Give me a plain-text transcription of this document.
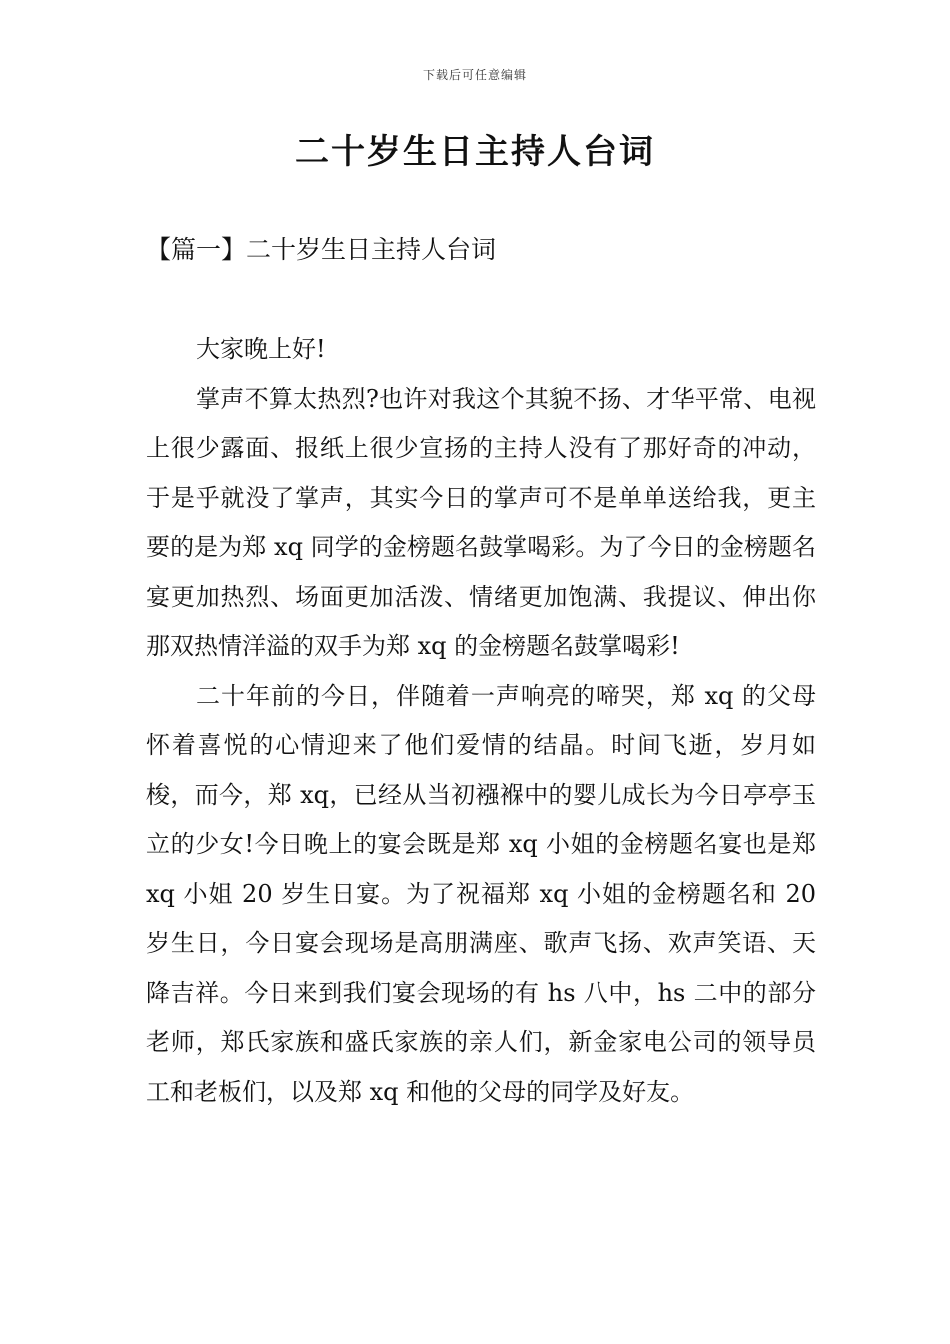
下载后可任意编辑
二十岁生日主持人台词
【篇一】二十岁生日主持人台词

大家晚上好!

掌声不算太热烈?也许对我这个其貌不扬、才华平常、电视上很少露面、报纸上很少宣扬的主持人没有了那好奇的冲动，于是乎就没了掌声，其实今日的掌声可不是单单送给我，更主要的是为郑 xq 同学的金榜题名鼓掌喝彩。为了今日的金榜题名宴更加热烈、场面更加活泼、情绪更加饱满、我提议、伸出你那双热情洋溢的双手为郑 xq 的金榜题名鼓掌喝彩!

二十年前的今日，伴随着一声响亮的啼哭，郑 xq 的父母怀着喜悦的心情迎来了他们爱情的结晶。时间飞逝，岁月如梭，而今，郑 xq，已经从当初襁褓中的婴儿成长为今日亭亭玉立的少女!今日晚上的宴会既是郑 xq 小姐的金榜题名宴也是郑 xq 小姐 20 岁生日宴。为了祝福郑 xq 小姐的金榜题名和 20 岁生日，今日宴会现场是高朋满座、歌声飞扬、欢声笑语、天降吉祥。今日来到我们宴会现场的有 hs 八中，hs 二中的部分老师，郑氏家族和盛氏家族的亲人们，新金家电公司的领导员工和老板们，以及郑 xq 和他的父母的同学及好友。
